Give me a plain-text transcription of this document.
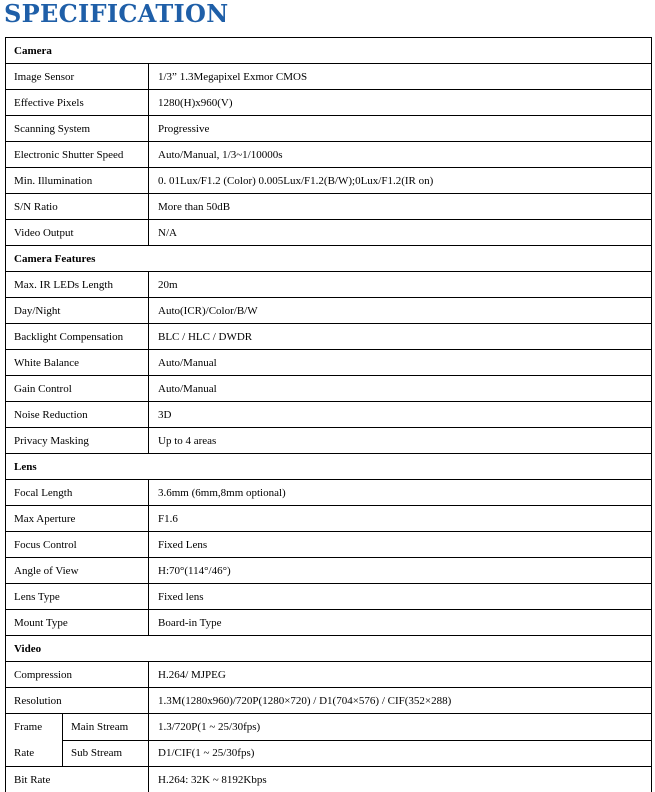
SPECIFICATION
Camera		
Image Sensor		1/3” 1.3Megapixel Exmor CMOS
Effective Pixels		1280(H)x960(V)
Scanning System		Progressive
Electronic Shutter Speed		Auto/Manual, 1/3~1/10000s
Min. Illumination		0. 01Lux/F1.2 (Color) 0.005Lux/F1.2(B/W);0Lux/F1.2(IR on)
S/N Ratio		More than 50dB
Video Output		N/A
Camera Features		
Max. IR LEDs Length		20m
Day/Night		Auto(ICR)/Color/B/W
Backlight Compensation		BLC / HLC / DWDR
White Balance		Auto/Manual
Gain Control		Auto/Manual
Noise Reduction		3D
Privacy Masking		Up to 4 areas
Lens		
Focal Length		3.6mm (6mm,8mm optional)
Max Aperture		F1.6
Focus Control		Fixed Lens
Angle of View		H:70°(114°/46°)
Lens Type		Fixed lens
Mount Type		Board-in Type
Video		
Compression		H.264/ MJPEG
Resolution		1.3M(1280x960)/720P(1280×720) / D1(704×576) / CIF(352×288)

Frame
Rate	Main Stream	1.3/720P(1 ~ 25/30fps)
	Sub Stream	D1/CIF(1 ~ 25/30fps)
Bit Rate		H.264: 32K ~ 8192Kbps
